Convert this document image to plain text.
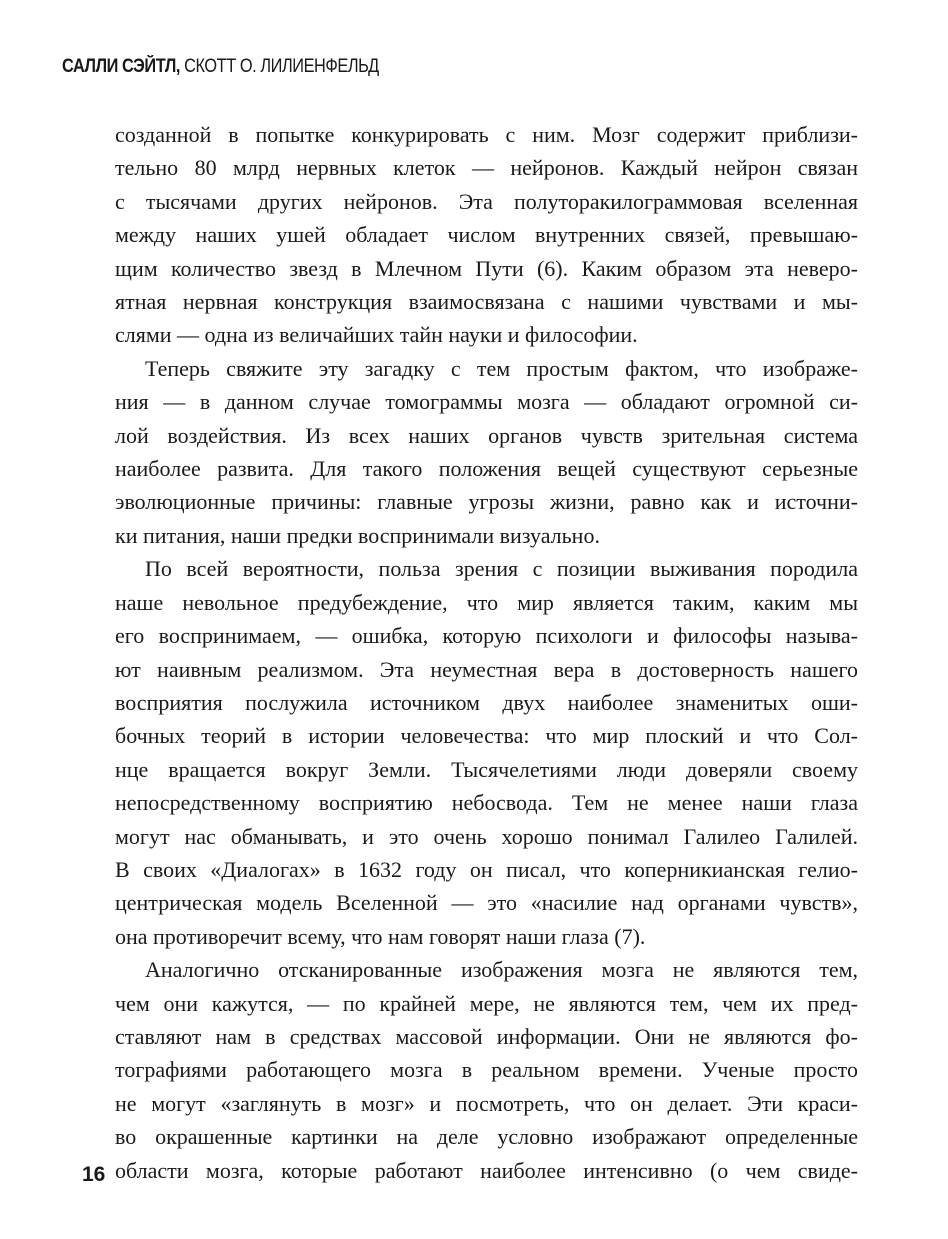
САЛЛИ СЭЙТЛ, СКОТТ О. ЛИЛИЕНФЕЛЬД
созданной в попытке конкурировать с ним. Мозг содержит приблизи-
тельно 80 млрд нервных клеток — нейронов. Каждый нейрон связан
с тысячами других нейронов. Эта полуторакилограммовая вселенная
между наших ушей обладает числом внутренних связей, превышаю-
щим количество звезд в Млечном Пути (6). Каким образом эта неверо-
ятная нервная конструкция взаимосвязана с нашими чувствами и мы-
слями — одна из величайших тайн науки и философии.
Теперь свяжите эту загадку с тем простым фактом, что изображе-
ния — в данном случае томограммы мозга — обладают огромной си-
лой воздействия. Из всех наших органов чувств зрительная система
наиболее развита. Для такого положения вещей существуют серьезные
эволюционные причины: главные угрозы жизни, равно как и источни-
ки питания, наши предки воспринимали визуально.
По всей вероятности, польза зрения с позиции выживания породила
наше невольное предубеждение, что мир является таким, каким мы
его воспринимаем, — ошибка, которую психологи и философы называ-
ют наивным реализмом. Эта неуместная вера в достоверность нашего
восприятия послужила источником двух наиболее знаменитых оши-
бочных теорий в истории человечества: что мир плоский и что Сол-
нце вращается вокруг Земли. Тысячелетиями люди доверяли своему
непосредственному восприятию небосвода. Тем не менее наши глаза
могут нас обманывать, и это очень хорошо понимал Галилео Галилей.
В своих «Диалогах» в 1632 году он писал, что коперникианская гелио-
центрическая модель Вселенной — это «насилие над органами чувств»,
она противоречит всему, что нам говорят наши глаза (7).
Аналогично отсканированные изображения мозга не являются тем,
чем они кажутся, — по крайней мере, не являются тем, чем их пред-
ставляют нам в средствах массовой информации. Они не являются фо-
тографиями работающего мозга в реальном времени. Ученые просто
не могут «заглянуть в мозг» и посмотреть, что он делает. Эти краси-
во окрашенные картинки на деле условно изображают определенные
области мозга, которые работают наиболее интенсивно (о чем свиде-
16
